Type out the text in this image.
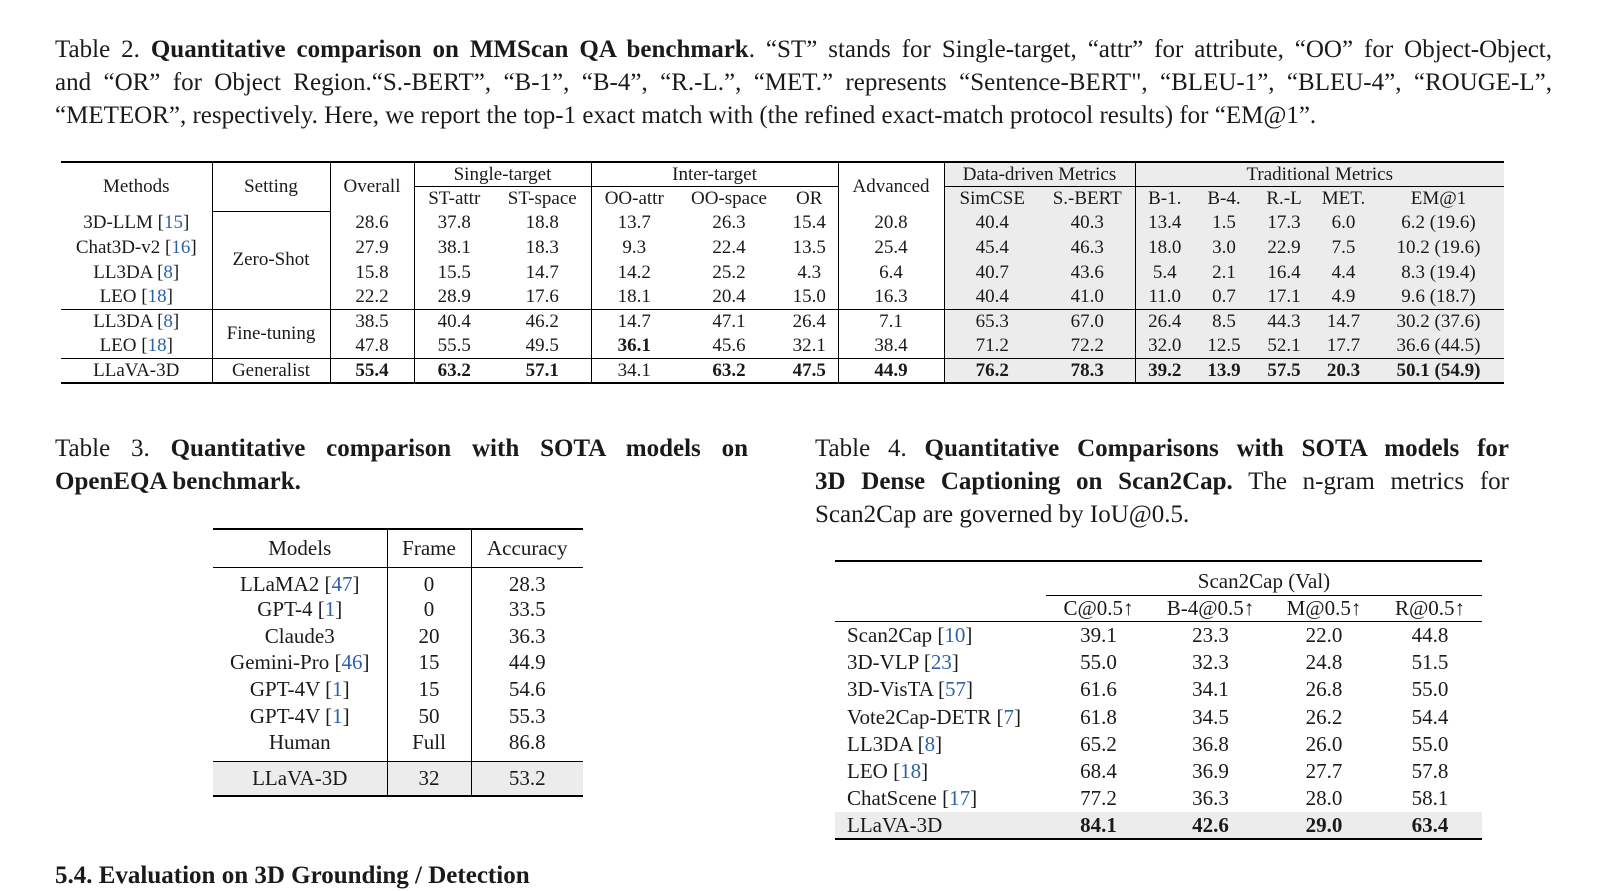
Table 2. Quantitative comparison on MMScan QA benchmark. “ST” stands for Single-target, “attr” for attribute, “OO” for Object-Object,
and “OR” for Object Region.“S.-BERT”, “B-1”, “B-4”, “R.-L.”, “MET.” represents “Sentence-BERT", “BLEU-1”, “BLEU-4”, “ROUGE-L”,
“METEOR”, respectively. Here, we report the top-1 exact match with (the refined exact-match protocol results) for “EM@1”.
Methods	Setting	Overall	Single-target		Inter-target			Advanced	Data-driven Metrics		Traditional Metrics				
			ST-attr	ST-space	OO-attr	OO-space	OR		SimCSE	S.-BERT	B-1.	B-4.	R.-L	MET.	EM@1
3D-LLM [15]	Zero-Shot	28.6	37.8	18.8	13.7	26.3	15.4	20.8	40.4	40.3	13.4	1.5	17.3	6.0	6.2 (19.6)
Chat3D-v2 [16]		27.9	38.1	18.3	9.3	22.4	13.5	25.4	45.4	46.3	18.0	3.0	22.9	7.5	10.2 (19.6)
LL3DA [8]		15.8	15.5	14.7	14.2	25.2	4.3	6.4	40.7	43.6	5.4	2.1	16.4	4.4	8.3 (19.4)
LEO [18]		22.2	28.9	17.6	18.1	20.4	15.0	16.3	40.4	41.0	11.0	0.7	17.1	4.9	9.6 (18.7)
LL3DA [8]	Fine-tuning	38.5	40.4	46.2	14.7	47.1	26.4	7.1	65.3	67.0	26.4	8.5	44.3	14.7	30.2 (37.6)
LEO [18]		47.8	55.5	49.5	36.1	45.6	32.1	38.4	71.2	72.2	32.0	12.5	52.1	17.7	36.6 (44.5)
LLaVA-3D	Generalist	55.4	63.2	57.1	34.1	63.2	47.5	44.9	76.2	78.3	39.2	13.9	57.5	20.3	50.1 (54.9)
Table 3. Quantitative comparison with SOTA models on
OpenEQA benchmark.
Models	Frame	Accuracy
LLaMA2 [47]	0	28.3
GPT-4 [1]	0	33.5
Claude3	20	36.3
Gemini-Pro [46]	15	44.9
GPT-4V [1]	15	54.6
GPT-4V [1]	50	55.3
Human	Full	86.8

LLaVA-3D	32	53.2
Table 4. Quantitative Comparisons with SOTA models for
3D Dense Captioning on Scan2Cap. The n-gram metrics for
Scan2Cap are governed by IoU@0.5.
	Scan2Cap (Val)			
	C@0.5↑	B-4@0.5↑	M@0.5↑	R@0.5↑
Scan2Cap [10]	39.1	23.3	22.0	44.8
3D-VLP [23]	55.0	32.3	24.8	51.5
3D-VisTA [57]	61.6	34.1	26.8	55.0
Vote2Cap-DETR [7]	61.8	34.5	26.2	54.4
LL3DA [8]	65.2	36.8	26.0	55.0
LEO [18]	68.4	36.9	27.7	57.8
ChatScene [17]	77.2	36.3	28.0	58.1
LLaVA-3D	84.1	42.6	29.0	63.4
5.4. Evaluation on 3D Grounding / Detection
